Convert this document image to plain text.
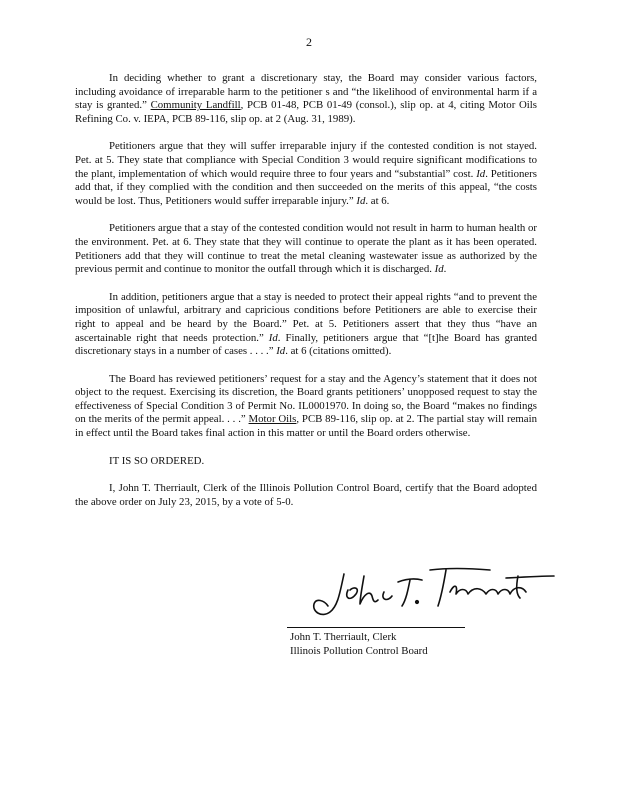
2

In deciding whether to grant a discretionary stay, the Board may consider various factors, including avoidance of irreparable harm to the petitioner s and “the likelihood of environmental harm if a stay is granted.” Community Landfill, PCB 01-48, PCB 01-49 (consol.), slip op. at 4, citing Motor Oils Refining Co. v. IEPA, PCB 89-116, slip op. at 2 (Aug. 31, 1989).

Petitioners argue that they will suffer irreparable injury if the contested condition is not stayed. Pet. at 5. They state that compliance with Special Condition 3 would require significant modifications to the plant, implementation of which would require three to four years and “substantial” cost. Id. Petitioners add that, if they complied with the condition and then succeeded on the merits of this appeal, “the costs would be lost. Thus, Petitioners would suffer irreparable injury.” Id. at 6.

Petitioners argue that a stay of the contested condition would not result in harm to human health or the environment. Pet. at 6. They state that they will continue to operate the plant as it has been operated. Petitioners add that they will continue to treat the metal cleaning wastewater issue as authorized by the previous permit and continue to monitor the outfall through which it is discharged. Id.

In addition, petitioners argue that a stay is needed to protect their appeal rights “and to prevent the imposition of unlawful, arbitrary and capricious conditions before Petitioners are able to exercise their right to appeal and be heard by the Board.” Pet. at 5. Petitioners assert that they thus “have an ascertainable right that needs protection.” Id. Finally, petitioners argue that “[t]he Board has granted discretionary stays in a number of cases . . . .” Id. at 6 (citations omitted).

The Board has reviewed petitioners’ request for a stay and the Agency’s statement that it does not object to the request. Exercising its discretion, the Board grants petitioners’ unopposed request to stay the effectiveness of Special Condition 3 of Permit No. IL0001970. In doing so, the Board “makes no findings on the merits of the permit appeal. . . .” Motor Oils, PCB 89-116, slip op. at 2. The partial stay will remain in effect until the Board takes final action in this matter or until the Board orders otherwise.

IT IS SO ORDERED.

I, John T. Therriault, Clerk of the Illinois Pollution Control Board, certify that the Board adopted the above order on July 23, 2015, by a vote of 5-0.

John T. Therriault, Clerk
Illinois Pollution Control Board
